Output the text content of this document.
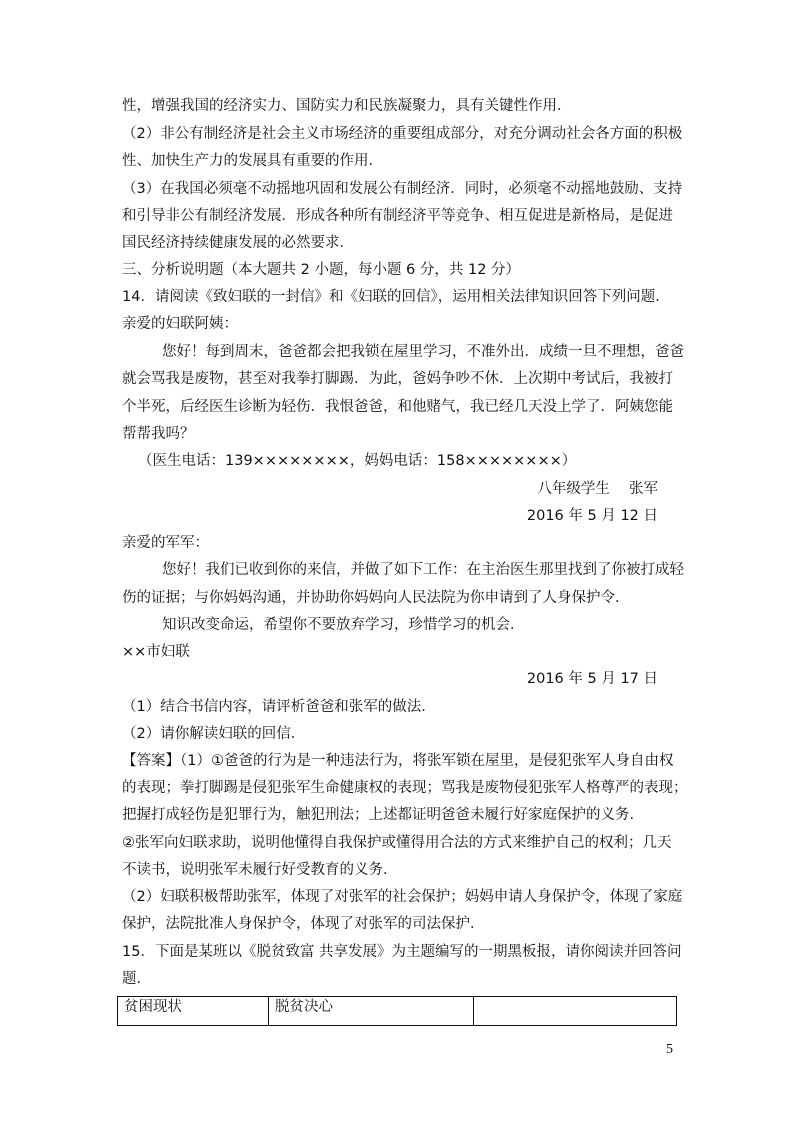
性，增强我国的经济实力、国防实力和民族凝聚力，具有关键性作用．
（2）非公有制经济是社会主义市场经济的重要组成部分，对充分调动社会各方面的积极
性、加快生产力的发展具有重要的作用．
（3）在我国必须毫不动摇地巩固和发展公有制经济．同时，必须毫不动摇地鼓励、支持
和引导非公有制经济发展．形成各种所有制经济平等竞争、相互促进是新格局，是促进
国民经济持续健康发展的必然要求．
三、分析说明题（本大题共 2 小题，每小题 6 分，共 12 分）
14．请阅读《致妇联的一封信》和《妇联的回信》，运用相关法律知识回答下列问题．
亲爱的妇联阿姨：
您好！每到周末，爸爸都会把我锁在屋里学习，不准外出．成绩一旦不理想，爸爸
就会骂我是废物，甚至对我拳打脚踢．为此，爸妈争吵不休．上次期中考试后，我被打
个半死，后经医生诊断为轻伤．我恨爸爸，和他赌气，我已经几天没上学了．阿姨您能
帮帮我吗？
（医生电话：139××××××××，妈妈电话：158××××××××）
八年级学生　 张军
2016 年 5 月 12 日
亲爱的军军：
您好！我们已收到你的来信，并做了如下工作：在主治医生那里找到了你被打成轻
伤的证据；与你妈妈沟通，并协助你妈妈向人民法院为你申请到了人身保护令．
知识改变命运，希望你不要放弃学习，珍惜学习的机会．
××市妇联
2016 年 5 月 17 日
（1）结合书信内容，请评析爸爸和张军的做法．
（2）请你解读妇联的回信．
【答案】（1）①爸爸的行为是一种违法行为，将张军锁在屋里，是侵犯张军人身自由权
的表现；拳打脚踢是侵犯张军生命健康权的表现；骂我是废物侵犯张军人格尊严的表现；
把握打成轻伤是犯罪行为，触犯刑法；上述都证明爸爸未履行好家庭保护的义务．
②张军向妇联求助，说明他懂得自我保护或懂得用合法的方式来维护自己的权利；几天
不读书，说明张军未履行好受教育的义务．
（2）妇联积极帮助张军，体现了对张军的社会保护；妈妈申请人身保护令，体现了家庭
保护，法院批准人身保护令，体现了对张军的司法保护．
15．下面是某班以《脱贫致富 共享发展》为主题编写的一期黑板报，请你阅读并回答问
题．
贫困现状	脱贫决心	
5
